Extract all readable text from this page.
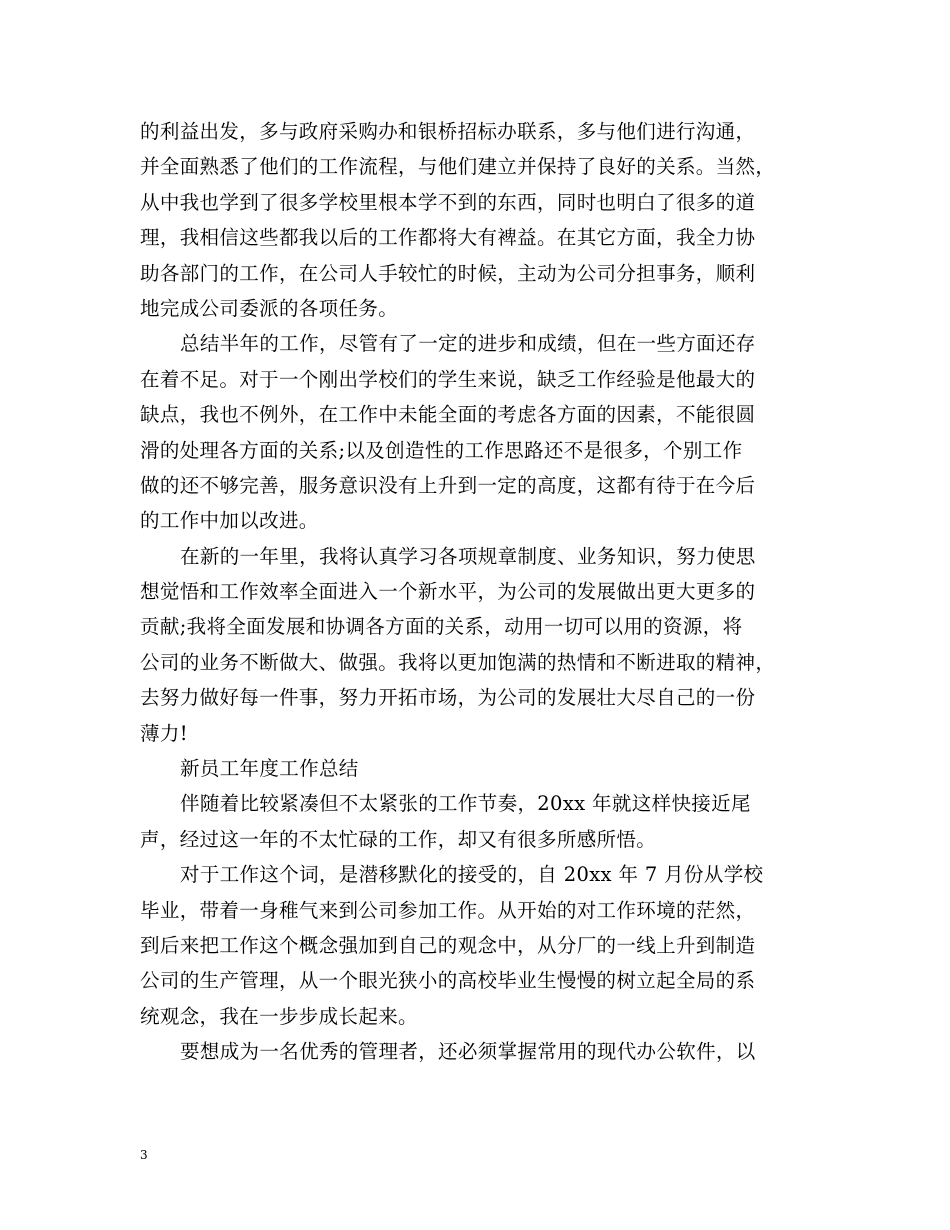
的利益出发，多与政府采购办和银桥招标办联系，多与他们进行沟通，
并全面熟悉了他们的工作流程，与他们建立并保持了良好的关系。当然，
从中我也学到了很多学校里根本学不到的东西，同时也明白了很多的道
理，我相信这些都我以后的工作都将大有裨益。在其它方面，我全力协
助各部门的工作，在公司人手较忙的时候，主动为公司分担事务，顺利
地完成公司委派的各项任务。
总结半年的工作，尽管有了一定的进步和成绩，但在一些方面还存
在着不足。对于一个刚出学校们的学生来说，缺乏工作经验是他最大的
缺点，我也不例外，在工作中未能全面的考虑各方面的因素，不能很圆
滑的处理各方面的关系;以及创造性的工作思路还不是很多，个别工作
做的还不够完善，服务意识没有上升到一定的高度，这都有待于在今后
的工作中加以改进。
在新的一年里，我将认真学习各项规章制度、业务知识，努力使思
想觉悟和工作效率全面进入一个新水平，为公司的发展做出更大更多的
贡献;我将全面发展和协调各方面的关系，动用一切可以用的资源，将
公司的业务不断做大、做强。我将以更加饱满的热情和不断进取的精神，
去努力做好每一件事，努力开拓市场，为公司的发展壮大尽自己的一份
薄力!
新员工年度工作总结
伴随着比较紧凑但不太紧张的工作节奏，20xx 年就这样快接近尾
声，经过这一年的不太忙碌的工作，却又有很多所感所悟。
对于工作这个词，是潜移默化的接受的，自 20xx 年 7 月份从学校
毕业，带着一身稚气来到公司参加工作。从开始的对工作环境的茫然，
到后来把工作这个概念强加到自己的观念中，从分厂的一线上升到制造
公司的生产管理，从一个眼光狭小的高校毕业生慢慢的树立起全局的系
统观念，我在一步步成长起来。
要想成为一名优秀的管理者，还必须掌握常用的现代办公软件，以
3
